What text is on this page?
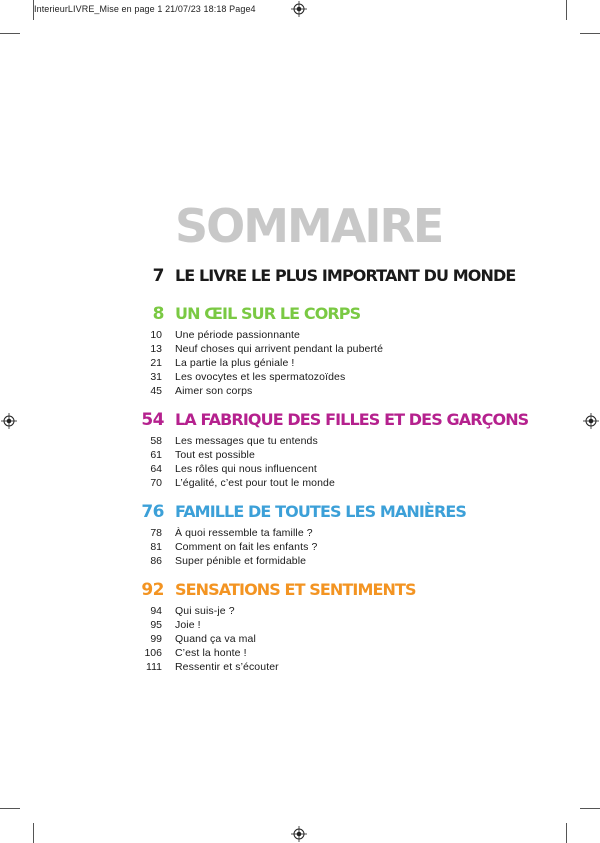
InterieurLIVRE_Mise en page 1 21/07/23 18:18 Page4
SOMMAIRE
7 LE LIVRE LE PLUS IMPORTANT DU MONDE
8 UN ŒIL SUR LE CORPS
10 Une période passionnante
13 Neuf choses qui arrivent pendant la puberté
21 La partie la plus géniale !
31 Les ovocytes et les spermatozoïdes
45 Aimer son corps
54 LA FABRIQUE DES FILLES ET DES GARÇONS
58 Les messages que tu entends
61 Tout est possible
64 Les rôles qui nous influencent
70 L’égalité, c’est pour tout le monde
76 FAMILLE DE TOUTES LES MANIÈRES
78 À quoi ressemble ta famille ?
81 Comment on fait les enfants ?
86 Super pénible et formidable
92 SENSATIONS ET SENTIMENTS
94 Qui suis-je ?
95 Joie !
99 Quand ça va mal
106 C’est la honte !
111 Ressentir et s’écouter
